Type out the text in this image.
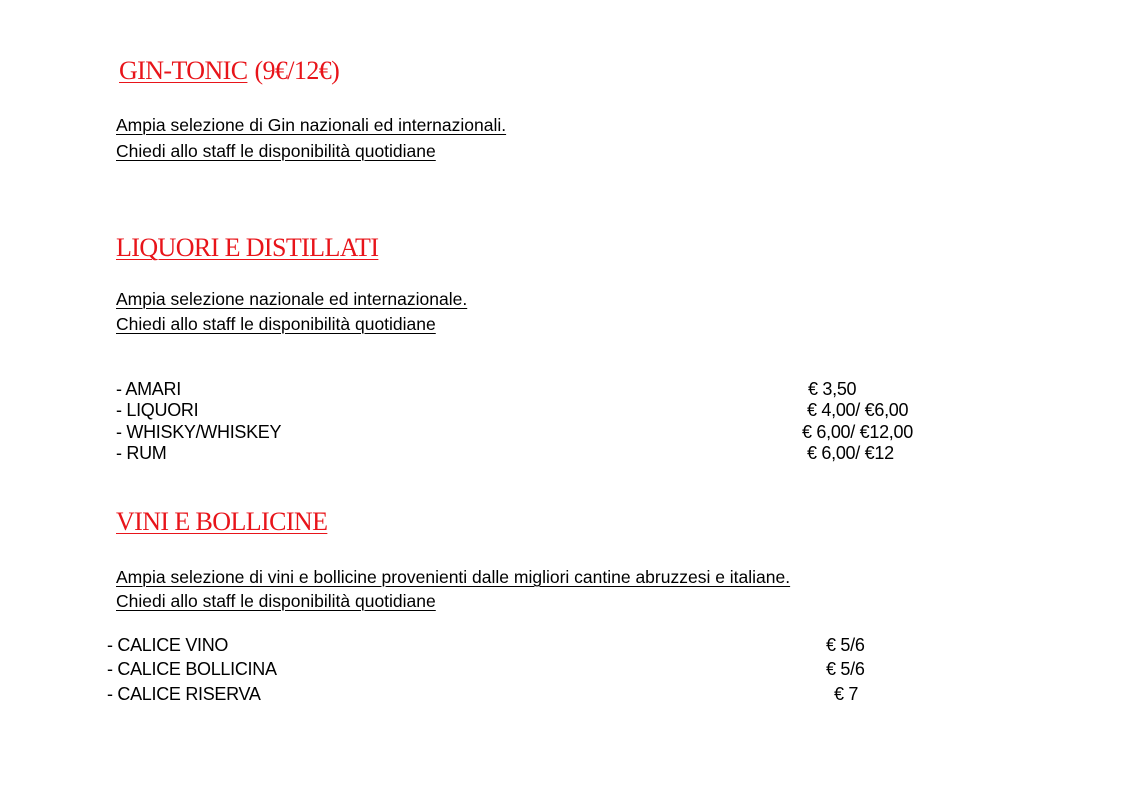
GIN-TONIC (9€/12€)
Ampia selezione di Gin nazionali ed internazionali.
Chiedi allo staff le disponibilità quotidiane
LIQUORI E DISTILLATI
Ampia selezione nazionale ed internazionale.
Chiedi allo staff le disponibilità quotidiane
- AMARI	€ 3,50
- LIQUORI	€ 4,00/ €6,00
- WHISKY/WHISKEY	€ 6,00/ €12,00
- RUM	€ 6,00/ €12
VINI E BOLLICINE
Ampia selezione di vini e bollicine provenienti dalle migliori cantine abruzzesi e italiane.
Chiedi allo staff le disponibilità quotidiane
- CALICE VINO	€ 5/6
- CALICE BOLLICINA	€ 5/6
- CALICE RISERVA	€ 7
